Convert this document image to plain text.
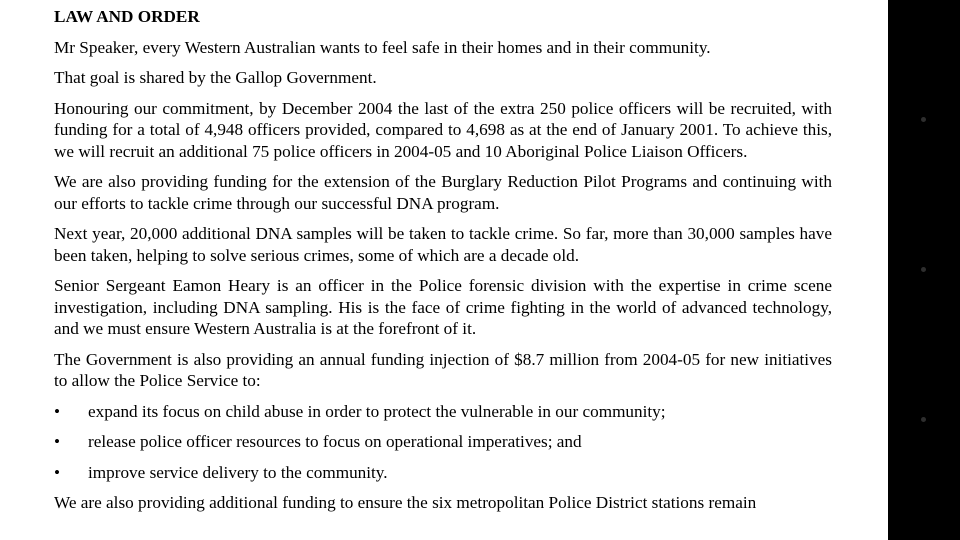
LAW AND ORDER

Mr Speaker, every Western Australian wants to feel safe in their homes and in their community.

That goal is shared by the Gallop Government.

Honouring our commitment, by December 2004 the last of the extra 250 police officers will be recruited, with funding for a total of 4,948 officers provided, compared to 4,698 as at the end of January 2001. To achieve this, we will recruit an additional 75 police officers in 2004-05 and 10 Aboriginal Police Liaison Officers.

We are also providing funding for the extension of the Burglary Reduction Pilot Programs and continuing with our efforts to tackle crime through our successful DNA program.

Next year, 20,000 additional DNA samples will be taken to tackle crime. So far, more than 30,000 samples have been taken, helping to solve serious crimes, some of which are a decade old.

Senior Sergeant Eamon Heary is an officer in the Police forensic division with the expertise in crime scene investigation, including DNA sampling. His is the face of crime fighting in the world of advanced technology, and we must ensure Western Australia is at the forefront of it.

The Government is also providing an annual funding injection of $8.7 million from 2004-05 for new initiatives to allow the Police Service to:

• expand its focus on child abuse in order to protect the vulnerable in our community;
• release police officer resources to focus on operational imperatives; and
• improve service delivery to the community.

We are also providing additional funding to ensure the six metropolitan Police District stations remain
